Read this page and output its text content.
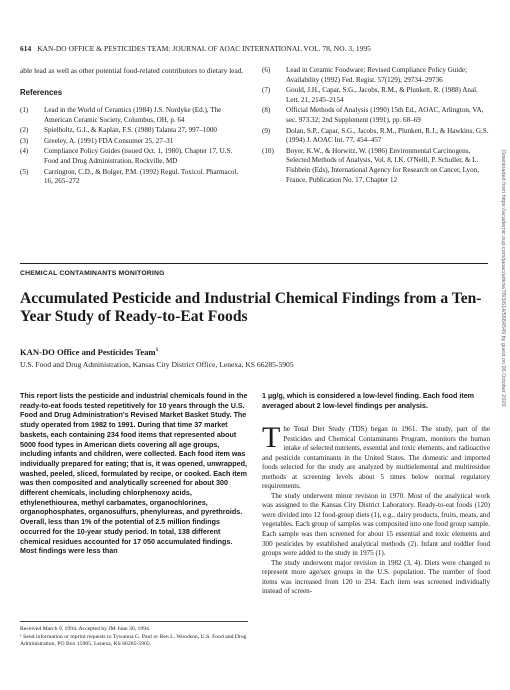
614 KAN-DO OFFICE & PESTICIDES TEAM: JOURNAL OF AOAC INTERNATIONAL VOL. 78, NO. 3, 1995
able lead as well as other potential food-related contributors to dietary lead.
References
(1) Lead in the World of Ceramics (1984) J.S. Nordyke (Ed.), The American Ceramic Society, Columbus, OH, p. 64
(2) Spielholtz, G.I., & Kaplan, F.S. (1980) Talanta 27, 997–1000
(3) Greeley, A. (1991) FDA Consumer 25, 27–31
(4) Compliance Policy Guides (issued Oct. 1, 1980), Chapter 17, U.S. Food and Drug Administration, Rockville, MD
(5) Carrington, C.D., & Bolger, P.M. (1992) Regul. Toxicol. Pharmacol. 16, 265–272
(6) Lead in Ceramic Foodware; Revised Compliance Policy Guide; Availability (1992) Fed. Regist. 57(129), 29734–29736
(7) Gould, J.H., Capar, S.G., Jacobs, R.M., & Plunkett, R. (1988) Anal. Lett. 21, 2145–2154
(8) Official Methods of Analysis (1990) 15th Ed., AOAC, Arlington, VA, sec. 973.32; 2nd Supplement (1991), pp. 68–69
(9) Dolan, S.P., Capar, S.G., Jacobs, R.M., Plunkett, R.J., & Hawkins, G.S. (1994) J. AOAC Int. 77, 454–457
(10) Boyer, K.W., & Horwitz, W. (1986) Environmental Carcinogens, Selected Methods of Analysis, Vol. 8, I.K. O'Neill, P. Schuller, & L. Fishbein (Eds), International Agency for Research on Cancer, Lyon, France, Publication No. 17, Chapter 12	Downloaded from https://academic.oup.com/jaoac/article/78/3/614/5684549 by guest on 06 October 2020
CHEMICAL CONTAMINANTS MONITORING
Accumulated Pesticide and Industrial Chemical Findings from a Ten-Year Study of Ready-to-Eat Foods
KAN-DO Office and Pesticides Team$^1$
U.S. Food and Drug Administration, Kansas City District Office, Lenexa, KS 66285-5905
This report lists the pesticide and industrial chemicals found in the ready-to-eat foods tested repetitively for 10 years through the U.S. Food and Drug Administration's Revised Market Basket Study. The study operated from 1982 to 1991. During that time 37 market baskets, each containing 234 food items that represented about 5000 food types in American diets covering all age groups, including infants and children, were collected. Each food item was individually prepared for eating; that is, it was opened, unwrapped, washed, peeled, sliced, formulated by recipe, or cooked. Each item was then composited and analytically screened for about 300 different chemicals, including chlorphenoxy acids, ethylenethiourea, methyl carbamates, organochlorines, organophosphates, organosulfurs, phenylureas, and pyrethroids. Overall, less than 1% of the potential of 2.5 million findings occurred for the 10-year study period. In total, 138 different chemical residues accounted for 17 050 accumulated findings. Most findings were less than
1 µg/g, which is considered a low-level finding. Each food item averaged about 2 low-level findings per analysis.

The Total Diet Study (TDS) began in 1961. The study, part of the Pesticides and Chemical Contaminants Program, monitors the human intake of selected nutrients, essential and toxic elements, and radioactive and pesticide contaminants in the United States. The domestic and imported foods selected for the study are analyzed by multielemental and multiresidue methods at screening levels about 5 times below normal regulatory requirements.

The study underwent minor revision in 1970. Most of the analytical work was assigned to the Kansas City District Laboratory. Ready-to-eat foods (120) were divided into 12 food-group diets (1), e.g., dairy products, fruits, meats, and vegetables. Each group of samples was composited into one food group sample. Each sample was then screened for about 15 essential and toxic elements and 300 pesticides by established analytical methods (2). Infant and toddler food groups were added to the study in 1975 (1).

The study underwent major revision in 1982 (3, 4). Diets were changed to represent more age/sex groups in the U.S. population. The number of food items was increased from 120 to 234. Each item was screened individually instead of screen-

Received March 9, 1994. Accepted by JM June 30, 1994.
¹ Send information or reprint requests to Tywanna G. Paul or Ben L. Woodson, U.S. Food and Drug Administration, PO Box 15905, Lenexa, KS 66285-5905.
